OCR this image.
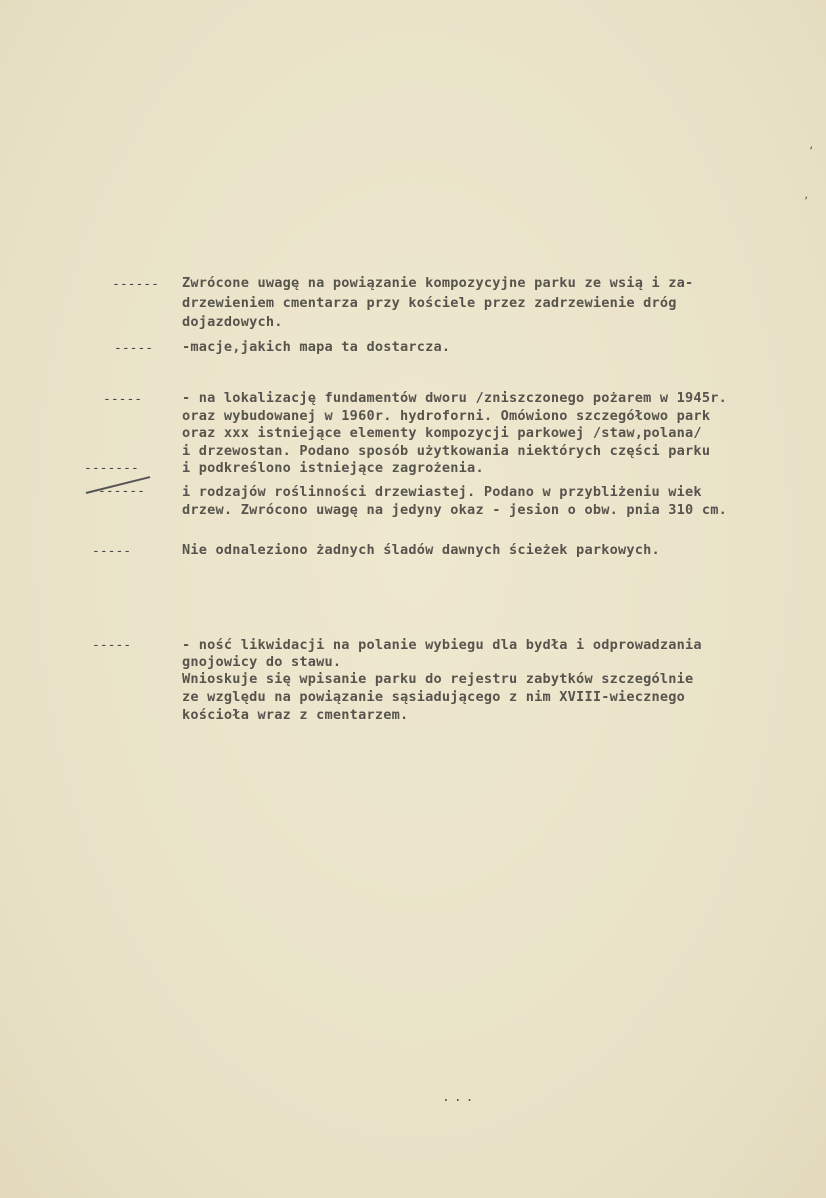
ʼ
ʼ
------ Zwrócone uwagę na powiązanie kompozycyjne parku ze wsią i za-
drzewieniem cmentarza przy kościele przez zadrzewienie dróg
dojazdowych.
----- -macje,jakich mapa ta dostarcza.
-----	- na lokalizację fundamentów dworu /zniszczonego pożarem w 1945r.
oraz wybudowanej w 1960r. hydroforni. Omówiono szczegółowo park
oraz xxx istniejące elementy kompozycji parkowej /staw,polana/
i drzewostan. Podano sposób użytkowania niektórych części parku
-------	i podkreślono istniejące zagrożenia.
------	i rodzajów roślinności drzewiastej. Podano w przybliżeniu wiek
drzew. Zwrócono uwagę na jedyny okaz - jesion o obw. pnia 310 cm.
-----	Nie odnaleziono żadnych śladów dawnych ścieżek parkowych.
-----	- ność likwidacji na polanie wybiegu dla bydła i odprowadzania
gnojowicy do stawu.
Wnioskuje się wpisanie parku do rejestru zabytków szczególnie
ze względu na powiązanie sąsiadującego z nim XVIII-wiecznego
kościoła wraz z cmentarzem.
...
